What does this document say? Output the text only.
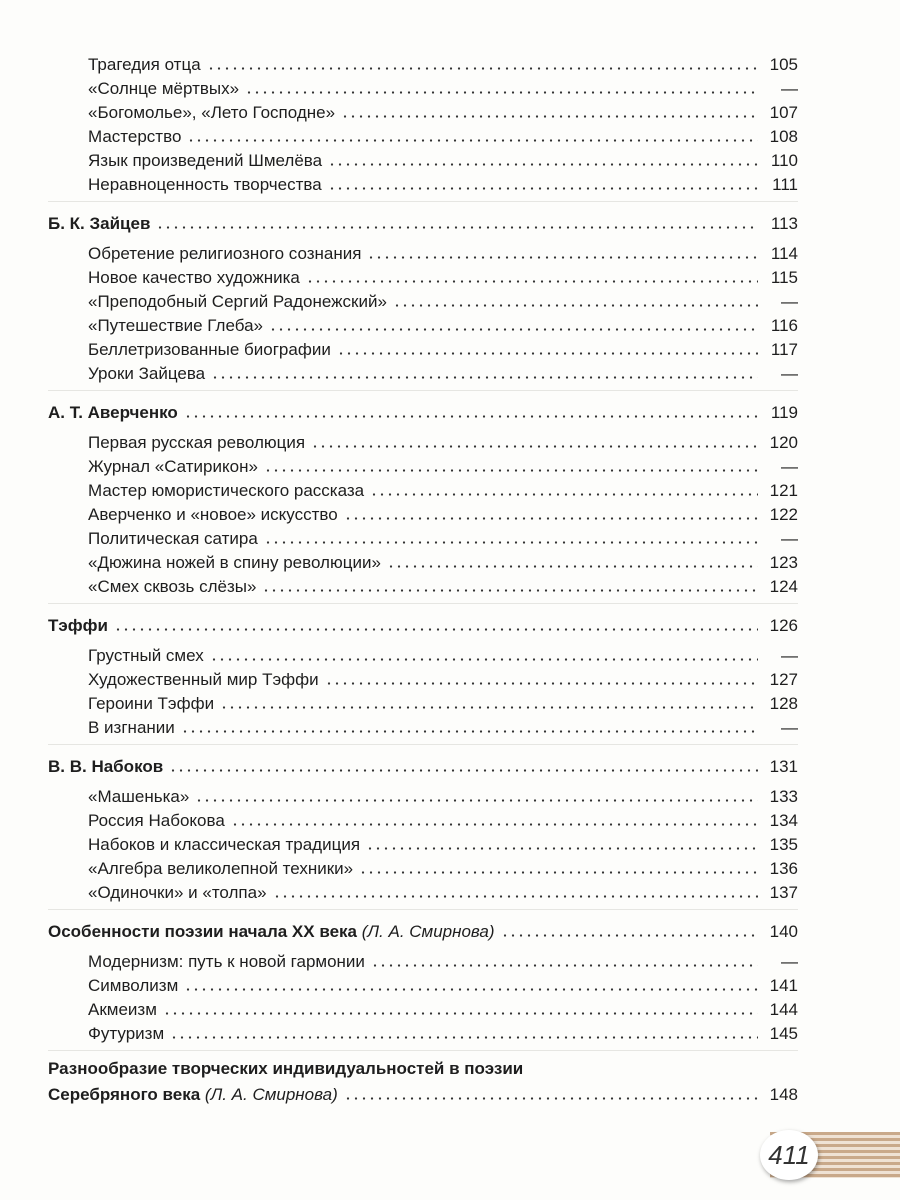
Трагедия отца	105
«Солнце мёртвых»	—
«Богомолье», «Лето Господне»	107
Мастерство	108
Язык произведений Шмелёва	110
Неравноценность творчества	111
Б. К. Зайцев	113
Обретение религиозного сознания	114
Новое качество художника	115
«Преподобный Сергий Радонежский»	—
«Путешествие Глеба»	116
Беллетризованные биографии	117
Уроки Зайцева	—
А. Т. Аверченко	119
Первая русская революция	120
Журнал «Сатирикон»	—
Мастер юмористического рассказа	121
Аверченко и «новое» искусство	122
Политическая сатира	—
«Дюжина ножей в спину революции»	123
«Смех сквозь слёзы»	124
Тэффи	126
Грустный смех	—
Художественный мир Тэффи	127
Героини Тэффи	128
В изгнании	—
В. В. Набоков	131
«Машенька»	133
Россия Набокова	134
Набоков и классическая традиция	135
«Алгебра великолепной техники»	136
«Одиночки» и «толпа»	137
Особенности поэзии начала XX века (Л. А. Смирнова)	140
Модернизм: путь к новой гармонии	—
Символизм	141
Акмеизм	144
Футуризм	145
Разнообразие творческих индивидуальностей в поэзии
Серебряного века (Л. А. Смирнова)	148
411
